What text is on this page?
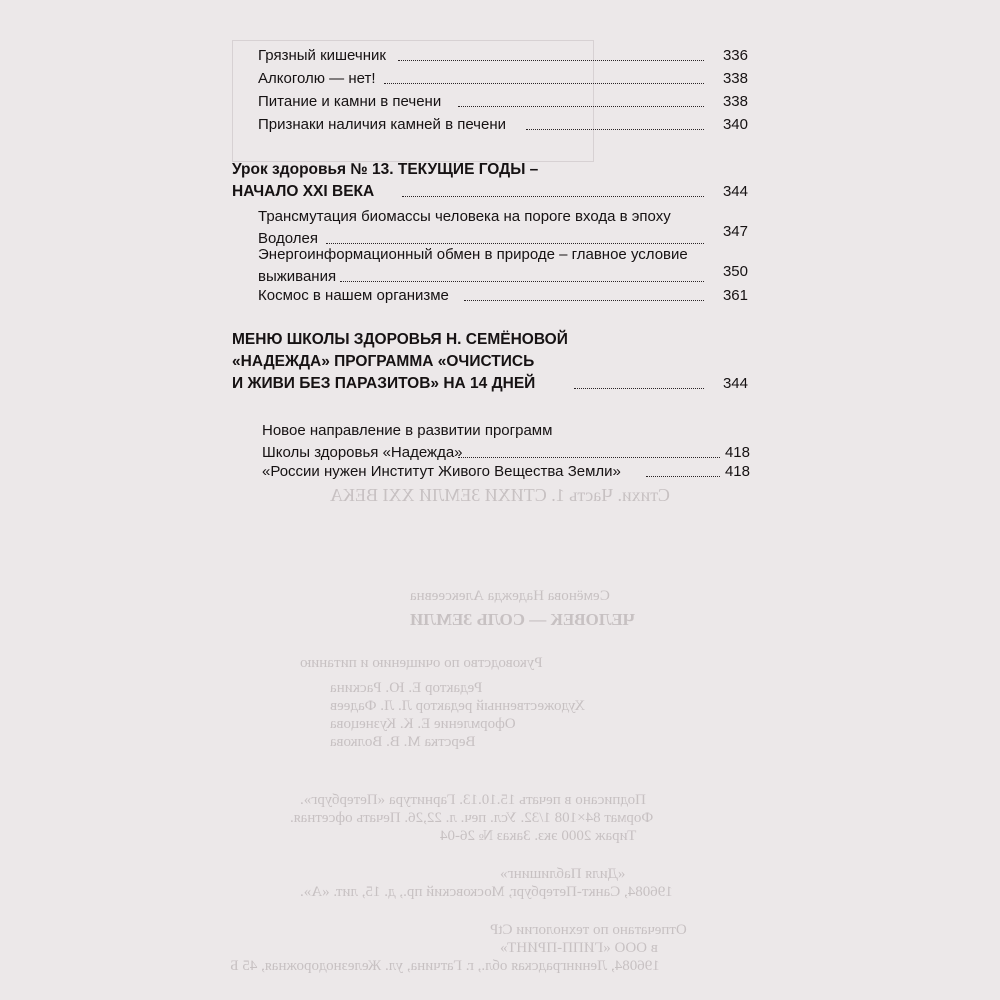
Стихи. Часть 1. СТИХИ ЗЕМЛИ XXI ВЕКА
Семёнова Надежда Алексеевна
ЧЕЛОВЕК — СОЛЬ ЗЕМЛИ
Руководство по очищению и питанию
Редактор Е. Ю. Раскина
Художественный редактор Л. Л. Фадеев
Оформление Е. К. Кузнецова
Верстка М. В. Волкова
Подписано в печать 15.10.13. Гарнитура «Петербург».
Формат 84×108 1/32. Усл. печ. л. 22,26. Печать офсетная.
Тираж 2000 экз. Заказ № 26-04
«Диля Паблишинг»
196084, Санкт-Петербург, Московский пр., д. 15, лит. «А».
Отпечатано по технологии СtP
в ООО «ГИПП-ПРИНТ»
196084, Ленинградская обл., г. Гатчина, ул. Железнодорожная, 45 Б
Грязный кишечник	336
Алкоголю — нет!	338
Питание и камни в печени	338
Признаки наличия камней в печени	340
Урок здоровья № 13. ТЕКУЩИЕ ГОДЫ –
НАЧАЛО XXI ВЕКА	344
Трансмутация биомассы человека на пороге входа в эпоху
Водолея	347
Энергоинформационный обмен в природе – главное условие
выживания	350
Космос в нашем организме	361
МЕНЮ ШКОЛЫ ЗДОРОВЬЯ Н. СЕМЁНОВОЙ
«НАДЕЖДА» ПРОГРАММА «ОЧИСТИСЬ
И ЖИВИ БЕЗ ПАРАЗИТОВ» НА 14 ДНЕЙ	344
Новое направление в развитии программ
Школы здоровья «Надежда»	418
«России нужен Институт Живого Вещества Земли»	418
